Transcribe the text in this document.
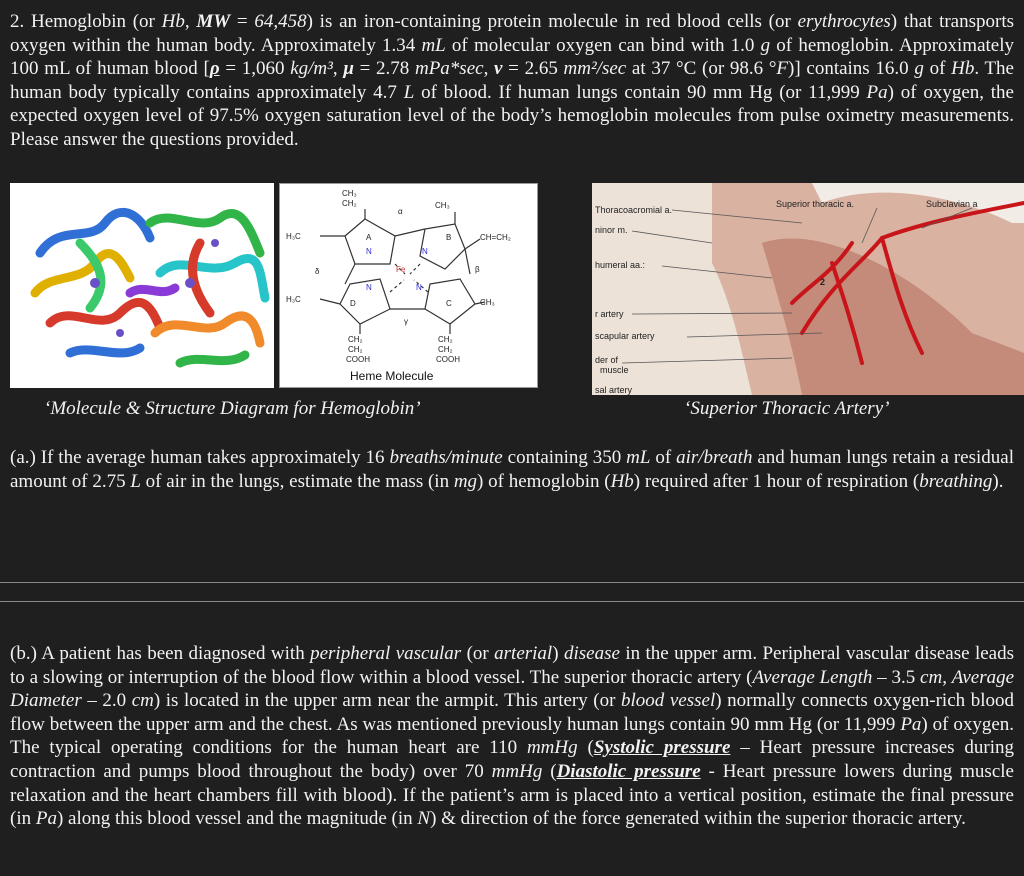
2. Hemoglobin (or Hb, MW = 64,458) is an iron-containing protein molecule in red blood cells (or erythrocytes) that transports oxygen within the human body. Approximately 1.34 mL of molecular oxygen can bind with 1.0 g of hemoglobin. Approximately 100 mL of human blood [ρ = 1,060 kg/m³, μ = 2.78 mPa*sec, ν = 2.65 mm²/sec at 37 °C (or 98.6 °F)] contains 16.0 g of Hb. The human body typically contains approximately 4.7 L of blood. If human lungs contain 90 mm Hg (or 11,999 Pa) of oxygen, the expected oxygen level of 97.5% oxygen saturation level of the body’s hemoglobin molecules from pulse oximetry measurements. Please answer the questions provided.

CH₃
CH₂	CH₃
α
H₃C	A	B	CH=CH₂
N	N
δ	Fe	β
N	N
H₃C	D	C	CH₃
γ
CH₂
CH₂
COOH
CH₂
CH₂
COOH
Heme Molecule
Thoracoacromial a.
Superior thoracic a.	Subclavian a
ninor m.
humeral aa.:
r artery
scapular artery
der of
muscle
2
sal artery
‘Molecule & Structure Diagram for Hemoglobin’	‘Superior Thoracic Artery’

(a.) If the average human takes approximately 16 breaths/minute containing 350 mL of air/breath and human lungs retain a residual amount of 2.75 L of air in the lungs, estimate the mass (in mg) of hemoglobin (Hb) required after 1 hour of respiration (breathing).

(b.) A patient has been diagnosed with peripheral vascular (or arterial) disease in the upper arm. Peripheral vascular disease leads to a slowing or interruption of the blood flow within a blood vessel. The superior thoracic artery (Average Length – 3.5 cm, Average Diameter – 2.0 cm) is located in the upper arm near the armpit. This artery (or blood vessel) normally connects oxygen-rich blood flow between the upper arm and the chest. As was mentioned previously human lungs contain 90 mm Hg (or 11,999 Pa) of oxygen. The typical operating conditions for the human heart are 110 mmHg (Systolic pressure – Heart pressure increases during contraction and pumps blood throughout the body) over 70 mmHg (Diastolic pressure - Heart pressure lowers during muscle relaxation and the heart chambers fill with blood). If the patient’s arm is placed into a vertical position, estimate the final pressure (in Pa) along this blood vessel and the magnitude (in N) & direction of the force generated within the superior thoracic artery.
